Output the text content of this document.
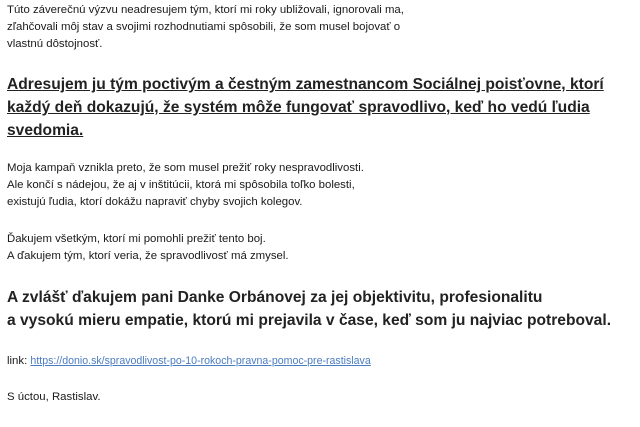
Túto záverečnú výzvu neadresujem tým, ktorí mi roky ubližovali, ignorovali ma,
zľahčovali môj stav a svojimi rozhodnutiami spôsobili, že som musel bojovať o
vlastnú dôstojnosť.

Adresujem ju tým poctivým a čestným zamestnancom Sociálnej poisťovne, ktorí
každý deň dokazujú, že systém môže fungovať spravodlivo, keď ho vedú ľudia
svedomia.

Moja kampaň vznikla preto, že som musel prežiť roky nespravodlivosti.
Ale končí s nádejou, že aj v inštitúcii, ktorá mi spôsobila toľko bolesti,
existujú ľudia, ktorí dokážu napraviť chyby svojich kolegov.

Ďakujem všetkým, ktorí mi pomohli prežiť tento boj.
A ďakujem tým, ktorí veria, že spravodlivosť má zmysel.

A zvlášť ďakujem pani Danke Orbánovej za jej objektivitu, profesionalitu
a vysokú mieru empatie, ktorú mi prejavila v čase, keď som ju najviac potreboval.

link: https://donio.sk/spravodlivost-po-10-rokoch-pravna-pomoc-pre-rastislava

S úctou, Rastislav.
